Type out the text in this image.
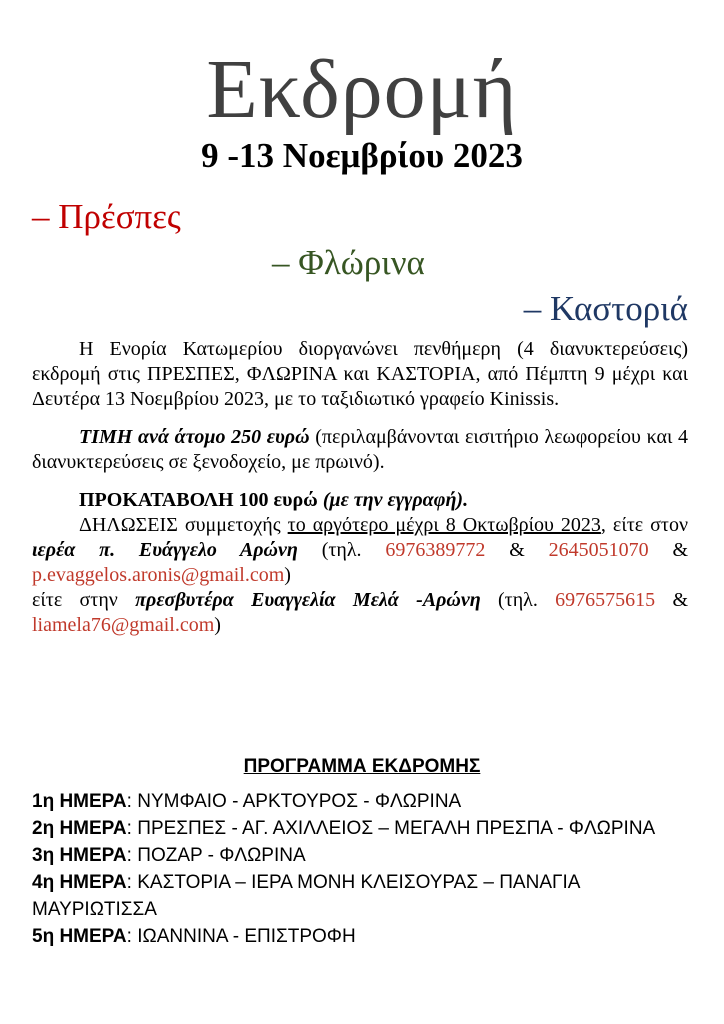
Εκδρομή
9 -13 Νοεμβρίου 2023
– Πρέσπες
– Φλώρινα
– Καστοριά

Η Ενορία Κατωμερίου διοργανώνει πενθήμερη (4 διανυκτερεύσεις) εκδρομή στις ΠΡΕΣΠΕΣ, ΦΛΩΡΙΝΑ και ΚΑΣΤΟΡΙΑ, από Πέμπτη 9 μέχρι και Δευτέρα 13 Νοεμβρίου 2023, με το ταξιδιωτικό γραφείο Kinissis.

ΤΙΜΗ ανά άτομο 250 ευρώ (περιλαμβάνονται εισιτήριο λεωφορείου και 4 διανυκτερεύσεις σε ξενοδοχείο, με πρωινό).

ΠΡΟΚΑΤΑΒΟΛΗ 100 ευρώ (με την εγγραφή).

ΔΗΛΩΣΕΙΣ συμμετοχής το αργότερο μέχρι 8 Οκτωβρίου 2023, είτε στον ιερέα π. Ευάγγελο Αρώνη (τηλ. 6976389772 & 2645051070 & p.evaggelos.aronis@gmail.com)

είτε στην πρεσβυτέρα Ευαγγελία Μελά -Αρώνη (τηλ. 6976575615 & liamela76@gmail.com)

ΠΡΟΓΡΑΜΜΑ ΕΚΔΡΟΜΗΣ

1η ΗΜΕΡΑ: ΝΥΜΦΑΙΟ - ΑΡΚΤΟΥΡΟΣ - ΦΛΩΡΙΝΑ

2η ΗΜΕΡΑ: ΠΡΕΣΠΕΣ - ΑΓ. ΑΧΙΛΛΕΙΟΣ – ΜΕΓΑΛΗ ΠΡΕΣΠΑ - ΦΛΩΡΙΝΑ

3η ΗΜΕΡΑ: ΠΟΖΑΡ - ΦΛΩΡΙΝΑ

4η ΗΜΕΡΑ: ΚΑΣΤΟΡΙΑ – ΙΕΡΑ ΜΟΝΗ ΚΛΕΙΣΟΥΡΑΣ – ΠΑΝΑΓΙΑ ΜΑΥΡΙΩΤΙΣΣΑ

5η ΗΜΕΡΑ: ΙΩΑΝΝΙΝΑ - ΕΠΙΣΤΡΟΦΗ
